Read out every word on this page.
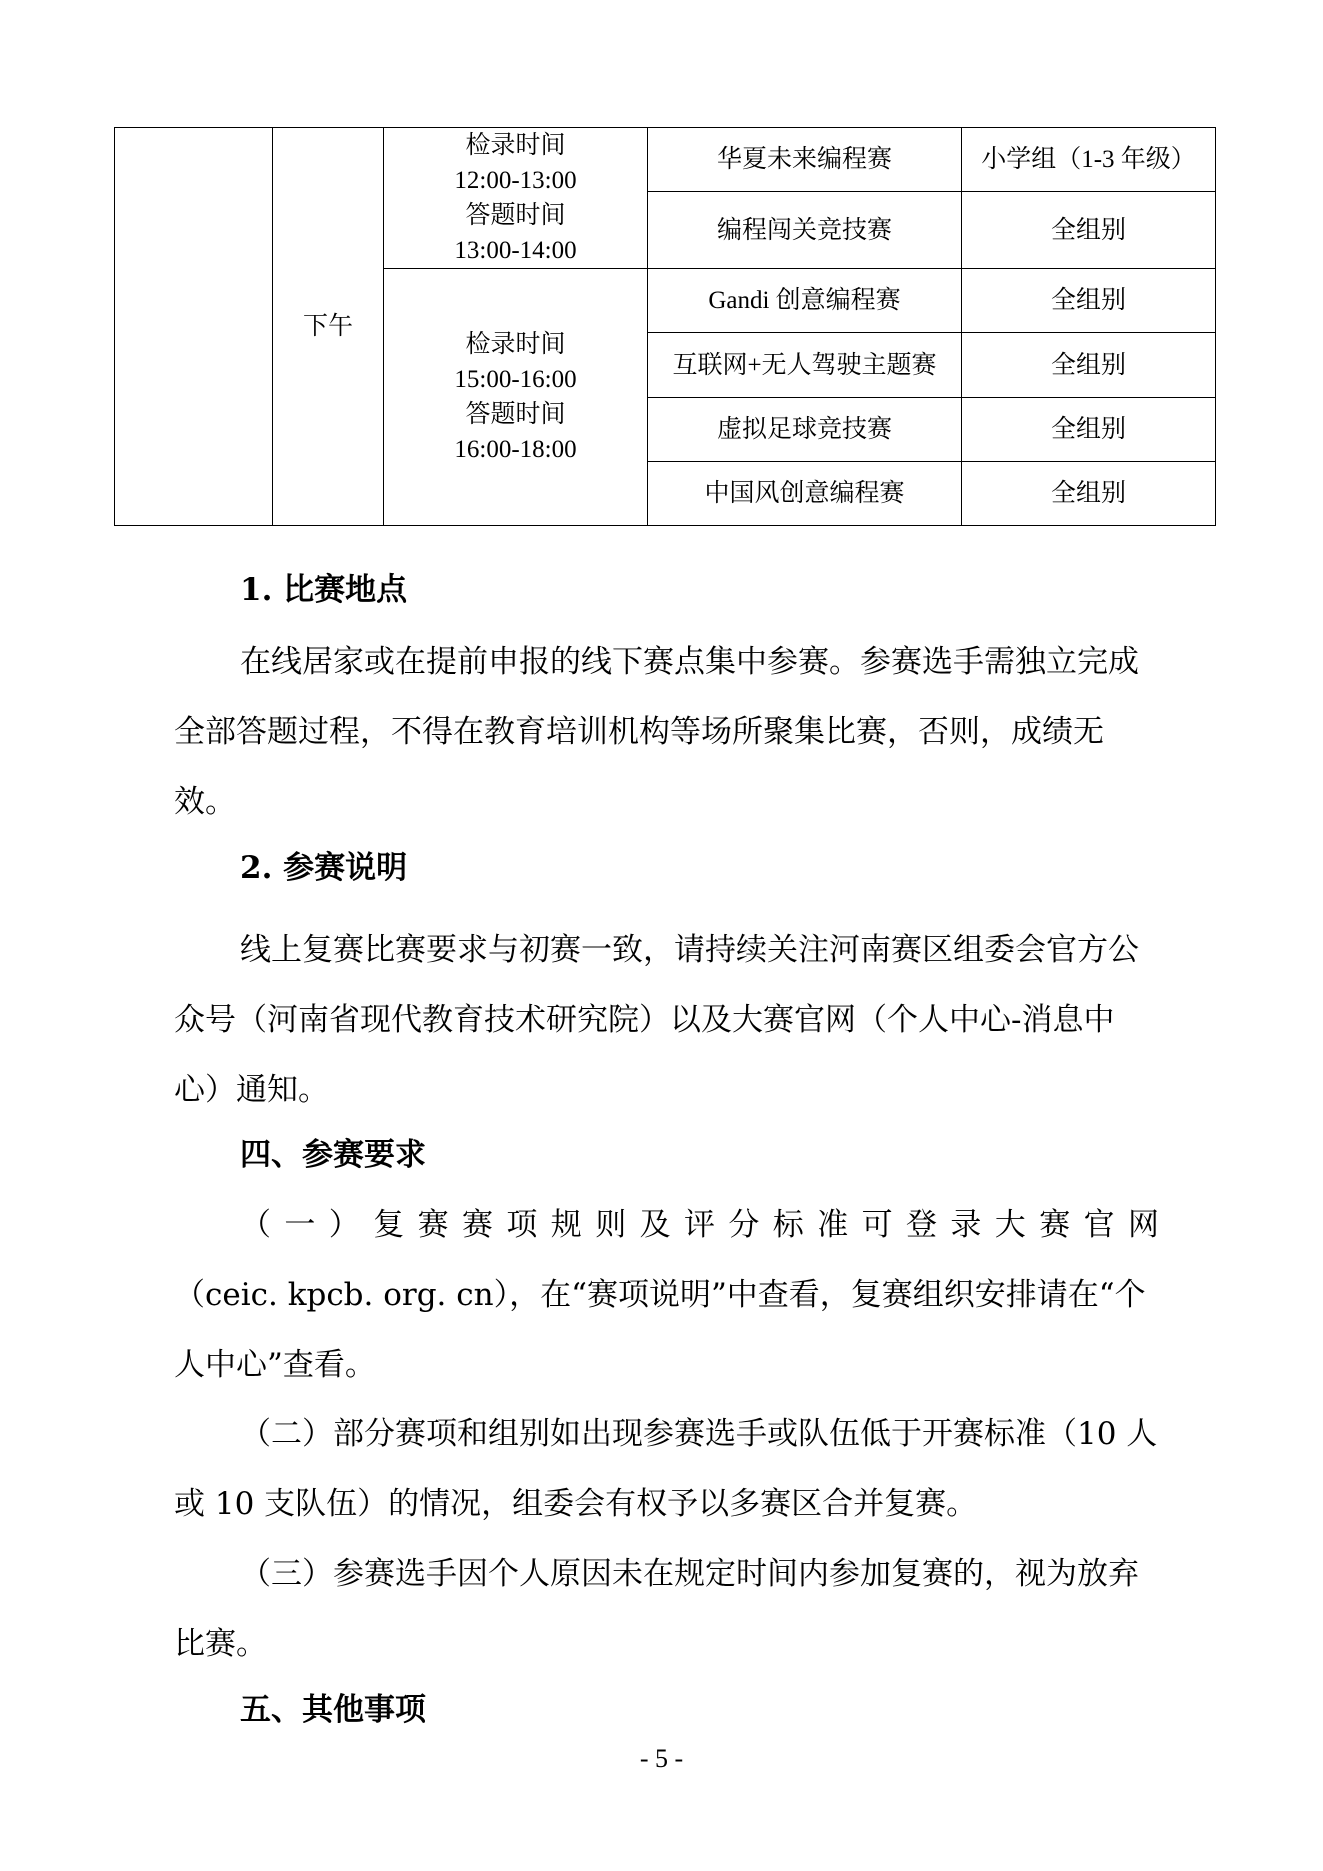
	下午	检录时间
12:00-13:00
答题时间
13:00-14:00	华夏未来编程赛	小学组（1-3 年级）
			编程闯关竞技赛	全组别

		检录时间
15:00-16:00
答题时间
16:00-18:00	Gandi 创意编程赛	全组别
			互联网+无人驾驶主题赛	全组别
			虚拟足球竞技赛	全组别
			中国风创意编程赛	全组别
1. 比赛地点

在线居家或在提前申报的线下赛点集中参赛。参赛选手需独立完成全部答题过程，不得在教育培训机构等场所聚集比赛，否则，成绩无效。

2. 参赛说明

线上复赛比赛要求与初赛一致，请持续关注河南赛区组委会官方公众号（河南省现代教育技术研究院）以及大赛官网（个人中心-消息中心）通知。

四、参赛要求

（一）复赛赛项规则及评分标准可登录大赛官网

（ceic. kpcb. org. cn），在“赛项说明”中查看，复赛组织安排请在“个人中心”查看。

（二）部分赛项和组别如出现参赛选手或队伍低于开赛标准（10 人或 10 支队伍）的情况，组委会有权予以多赛区合并复赛。

（三）参赛选手因个人原因未在规定时间内参加复赛的，视为放弃比赛。

五、其他事项
- 5 -
